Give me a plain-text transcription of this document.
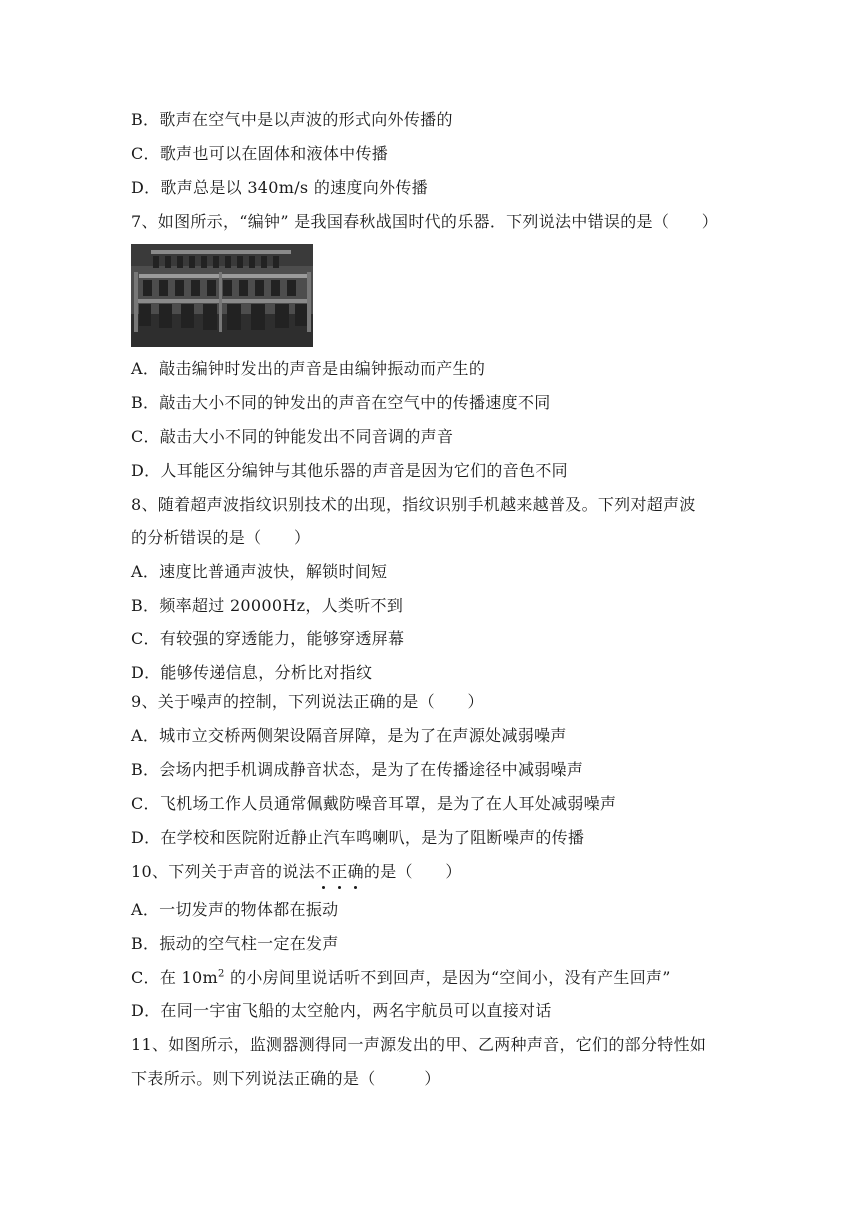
B．歌声在空气中是以声波的形式向外传播的
C．歌声也可以在固体和液体中传播
D．歌声总是以 340m/s 的速度向外传播
7、如图所示，“编钟” 是我国春秋战国时代的乐器．下列说法中错误的是（　　）
A．敲击编钟时发出的声音是由编钟振动而产生的
B．敲击大小不同的钟发出的声音在空气中的传播速度不同
C．敲击大小不同的钟能发出不同音调的声音
D．人耳能区分编钟与其他乐器的声音是因为它们的音色不同
8、随着超声波指纹识别技术的出现，指纹识别手机越来越普及。下列对超声波
的分析错误的是（　　）
A．速度比普通声波快，解锁时间短
B．频率超过 20000Hz，人类听不到
C．有较强的穿透能力，能够穿透屏幕
D．能够传递信息，分析比对指纹
9、关于噪声的控制，下列说法正确的是（　　）
A．城市立交桥两侧架设隔音屏障，是为了在声源处减弱噪声
B．会场内把手机调成静音状态，是为了在传播途径中减弱噪声
C．飞机场工作人员通常佩戴防噪音耳罩，是为了在人耳处减弱噪声
D．在学校和医院附近静止汽车鸣喇叭，是为了阻断噪声的传播
10、下列关于声音的说法不正确的是（　　）
A．一切发声的物体都在振动
B．振动的空气柱一定在发声
C．在 $10m^2$ 的小房间里说话听不到回声，是因为“空间小，没有产生回声”
D．在同一宇宙飞船的太空舱内，两名宇航员可以直接对话
11、如图所示，监测器测得同一声源发出的甲、乙两种声音，它们的部分特性如
下表所示。则下列说法正确的是（　　　）
